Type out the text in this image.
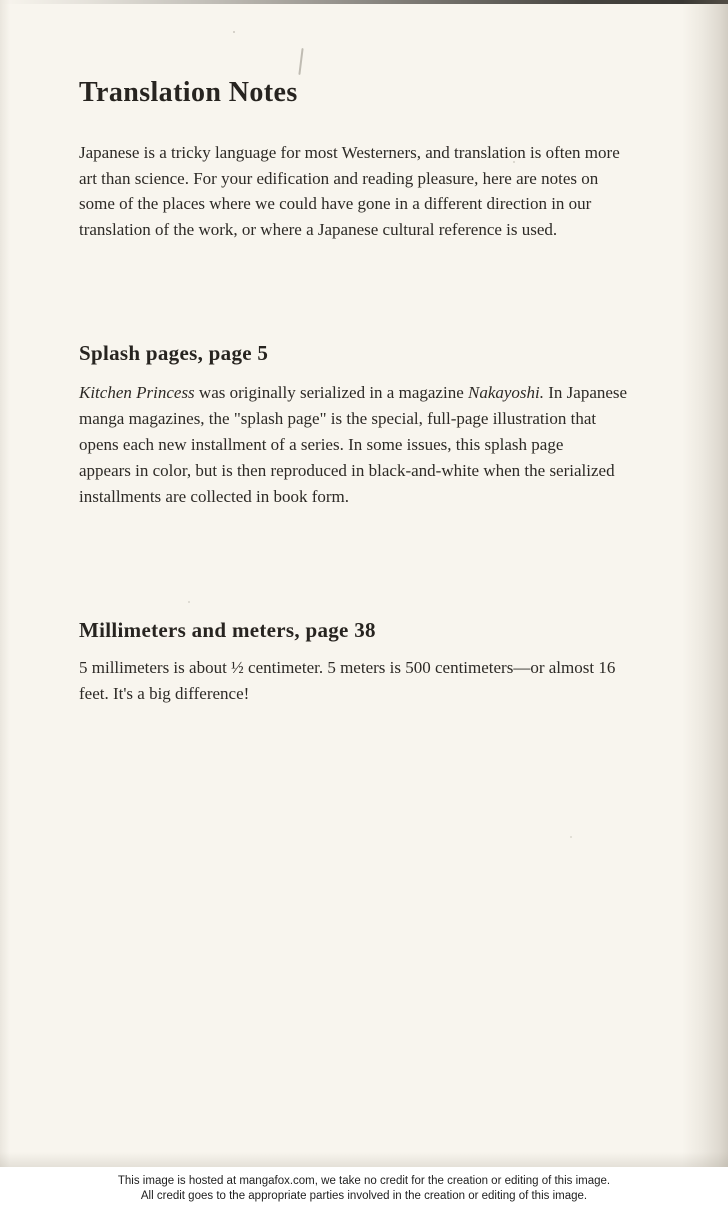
Translation Notes
Japanese is a tricky language for most Westerners, and translation is often more
art than science. For your edification and reading pleasure, here are notes on
some of the places where we could have gone in a different direction in our
translation of the work, or where a Japanese cultural reference is used.
Splash pages, page 5
Kitchen Princess was originally serialized in a magazine Nakayoshi. In Japanese
manga magazines, the "splash page" is the special, full-page illustration that
opens each new installment of a series. In some issues, this splash page
appears in color, but is then reproduced in black-and-white when the serialized
installments are collected in book form.
Millimeters and meters, page 38
5 millimeters is about ½ centimeter. 5 meters is 500 centimeters—or almost 16
feet. It's a big difference!
This image is hosted at mangafox.com, we take no credit for the creation or editing of this image.
All credit goes to the appropriate parties involved in the creation or editing of this image.
